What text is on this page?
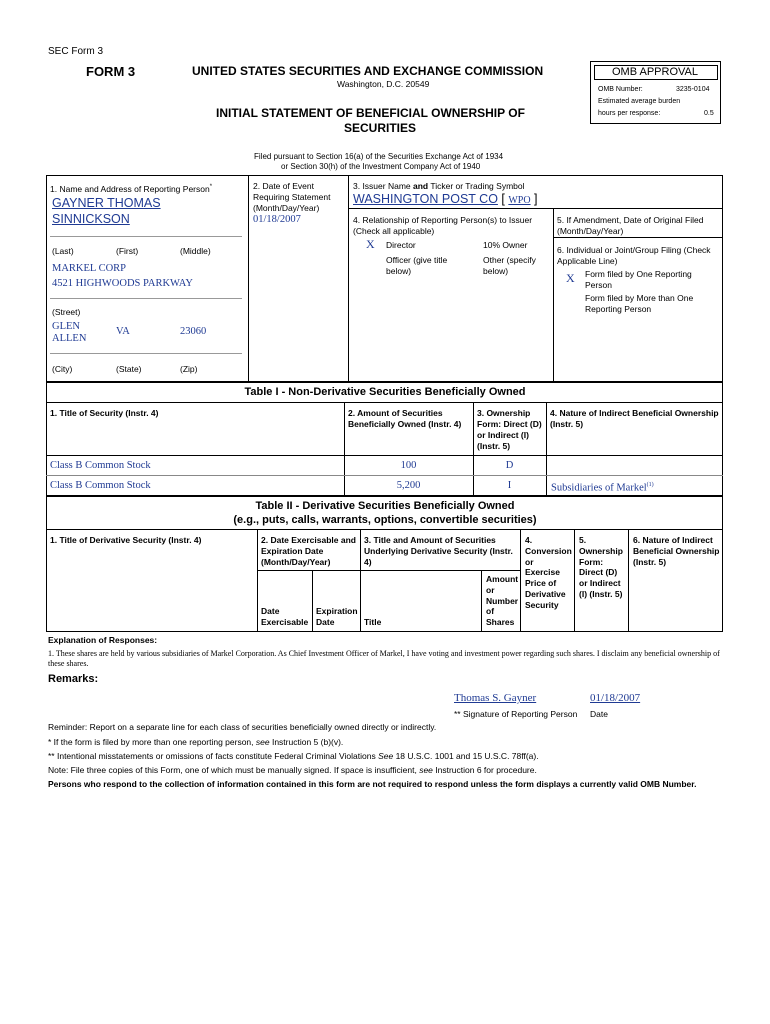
SEC Form 3
FORM 3	UNITED STATES SECURITIES AND EXCHANGE COMMISSION
Washington, D.C. 20549
INITIAL STATEMENT OF BENEFICIAL OWNERSHIP OF
SECURITIES
OMB APPROVAL
OMB Number:	3235-0104
Estimated average burden
hours per response:	0.5
Filed pursuant to Section 16(a) of the Securities Exchange Act of 1934
or Section 30(h) of the Investment Company Act of 1940
1. Name and Address of Reporting Person*
GAYNER THOMAS
SINNICKSON
(Last)	(First)	(Middle)
MARKEL CORP
4521 HIGHWOODS PARKWAY
(Street)
GLEN
ALLEN
VA	23060
(City)	(State)	(Zip)
2. Date of Event
Requiring Statement
(Month/Day/Year)
01/18/2007
3. Issuer Name and Ticker or Trading Symbol
WASHINGTON POST CO [ WPO ]
4. Relationship of Reporting Person(s) to Issuer
(Check all applicable)
X Director	10% Owner
Officer (give title
below)
Other (specify
below)
5. If Amendment, Date of Original Filed
(Month/Day/Year)
6. Individual or Joint/Group Filing (Check
Applicable Line)
X Form filed by One Reporting
Person
Form filed by More than One
Reporting Person
Table I - Non-Derivative Securities Beneficially Owned
1. Title of Security (Instr. 4)	2. Amount of Securities
Beneficially Owned (Instr. 4)
3. Ownership
Form: Direct (D)
or Indirect (I)
(Instr. 5)
4. Nature of Indirect Beneficial Ownership
(Instr. 5)
Class B Common Stock	100	D
Class B Common Stock	5,200	I	Subsidiaries of Markel$^{(1)}$
Table II - Derivative Securities Beneficially Owned
(e.g., puts, calls, warrants, options, convertible securities)
1. Title of Derivative Security (Instr. 4)	2. Date Exercisable and
Expiration Date
(Month/Day/Year)
3. Title and Amount of Securities
Underlying Derivative Security (Instr.
4)
4.
Conversion
or
Exercise
Price of
Derivative
Security
5.
Ownership
Form:
Direct (D)
or Indirect
(I) (Instr. 5)
6. Nature of Indirect
Beneficial Ownership
(Instr. 5)
Date
Exercisable
Expiration
Date	Title
Amount
or
Number
of
Shares
Explanation of Responses:
1. These shares are held by various subsidiaries of Markel Corporation. As Chief Investment Officer of Markel, I have voting and investment power regarding such shares. I disclaim any beneficial ownership of
these shares.
Remarks:
Thomas S. Gayner	01/18/2007
** Signature of Reporting Person Date
Reminder: Report on a separate line for each class of securities beneficially owned directly or indirectly.
* If the form is filed by more than one reporting person, see Instruction 5 (b)(v).
** Intentional misstatements or omissions of facts constitute Federal Criminal Violations See 18 U.S.C. 1001 and 15 U.S.C. 78ff(a).
Note: File three copies of this Form, one of which must be manually signed. If space is insufficient, see Instruction 6 for procedure.
Persons who respond to the collection of information contained in this form are not required to respond unless the form displays a currently valid OMB Number.
